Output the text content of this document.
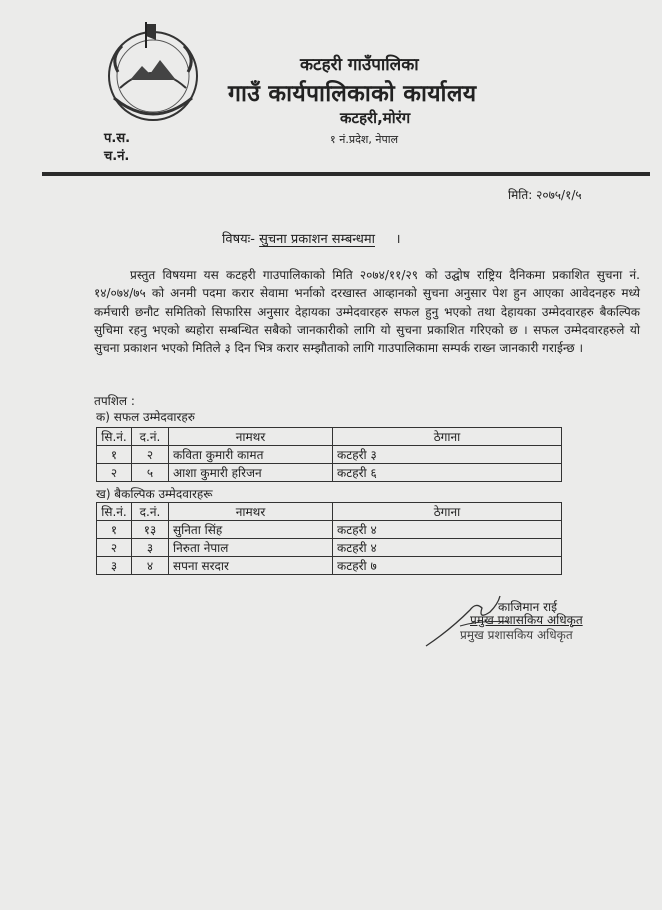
कटहरी गाउँपालिका
गाउँ कार्यपालिकाको कार्यालय
कटहरी,मोरंग
१ नं.प्रदेश, नेपाल
प.स.
च.नं.
मिति: २०७५/१/५
विषयः- सुचना प्रकाशन सम्बन्धमा ।
प्रस्तुत विषयमा यस कटहरी गाउपालिकाको मिति २०७४/११/२९ को उद्घोष राष्ट्रिय दैनिकमा प्रकाशित सुचना नं. १४/०७४/७५ को अनमी पदमा करार सेवामा भर्नाको दरखास्त आव्हानको सुचना अनुसार पेश हुन आएका आवेदनहरु मध्ये कर्मचारी छनौट समितिको सिफारिस अनुसार देहायका उम्मेदवारहरु सफल हुनु भएको तथा देहायका उम्मेदवारहरु बैकल्पिक सुचिमा रहनु भएको ब्यहोरा सम्बन्धित सबैको जानकारीको लागि यो सुचना प्रकाशित गरिएको छ । सफल उम्मेदवारहरुले यो सुचना प्रकाशन भएको मितिले ३ दिन भित्र करार सम्झौताको लागि गाउपालिकामा सम्पर्क राख्न जानकारी गराईन्छ ।
तपशिल :
क) सफल उम्मेदवारहरु
सि.नं.	द.नं.	नामथर	ठेगाना
१	२	कविता कुमारी कामत	कटहरी ३
२	५	आशा कुमारी हरिजन	कटहरी ६
ख) बैकल्पिक उम्मेदवारहरू
सि.नं.	द.नं.	नामथर	ठेगाना
१	१३	सुनिता सिंह	कटहरी ४
२	३	निरुता नेपाल	कटहरी ४
३	४	सपना सरदार	कटहरी ७
काजिमान राई
प्रमुख प्रशासकिय अधिकृत
प्रमुख प्रशासकिय अधिकृत
